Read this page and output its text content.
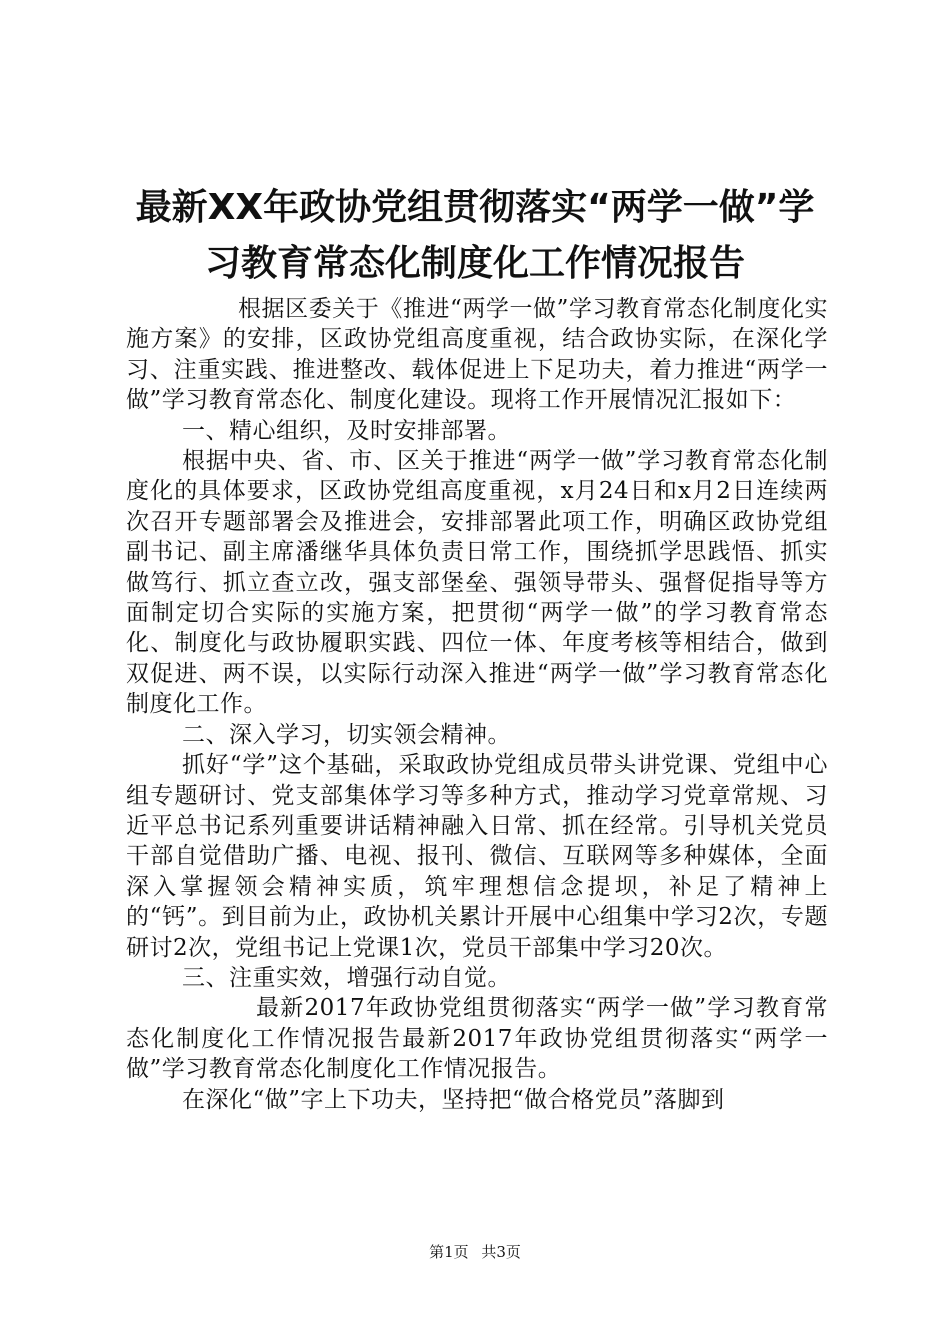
最新XX年政协党组贯彻落实“两学一做”学
习教育常态化制度化工作情况报告

根据区委关于《推进“两学一做”学习教育常态化制度化实施方案》的安排，区政协党组高度重视，结合政协实际，在深化学习、注重实践、推进整改、载体促进上下足功夫，着力推进“两学一做”学习教育常态化、制度化建设。现将工作开展情况汇报如下：

一、精心组织，及时安排部署。

根据中央、省、市、区关于推进“两学一做”学习教育常态化制度化的具体要求，区政协党组高度重视，x月24日和x月2日连续两次召开专题部署会及推进会，安排部署此项工作，明确区政协党组副书记、副主席潘继华具体负责日常工作，围绕抓学思践悟、抓实做笃行、抓立查立改，强支部堡垒、强领导带头、强督促指导等方面制定切合实际的实施方案，把贯彻“两学一做”的学习教育常态化、制度化与政协履职实践、四位一体、年度考核等相结合，做到双促进、两不误，以实际行动深入推进“两学一做”学习教育常态化制度化工作。

二、深入学习，切实领会精神。

抓好“学”这个基础，采取政协党组成员带头讲党课、党组中心组专题研讨、党支部集体学习等多种方式，推动学习党章常规、习近平总书记系列重要讲话精神融入日常、抓在经常。引导机关党员干部自觉借助广播、电视、报刊、微信、互联网等多种媒体，全面深入掌握领会精神实质，筑牢理想信念提坝，补足了精神上的“钙”。到目前为止，政协机关累计开展中心组集中学习2次，专题研讨2次，党组书记上党课1次，党员干部集中学习20次。

三、注重实效，增强行动自觉。

最新2017年政协党组贯彻落实“两学一做”学习教育常态化制度化工作情况报告最新2017年政协党组贯彻落实“两学一做”学习教育常态化制度化工作情况报告。

在深化“做”字上下功夫，坚持把“做合格党员”落脚到

第1页 共3页
